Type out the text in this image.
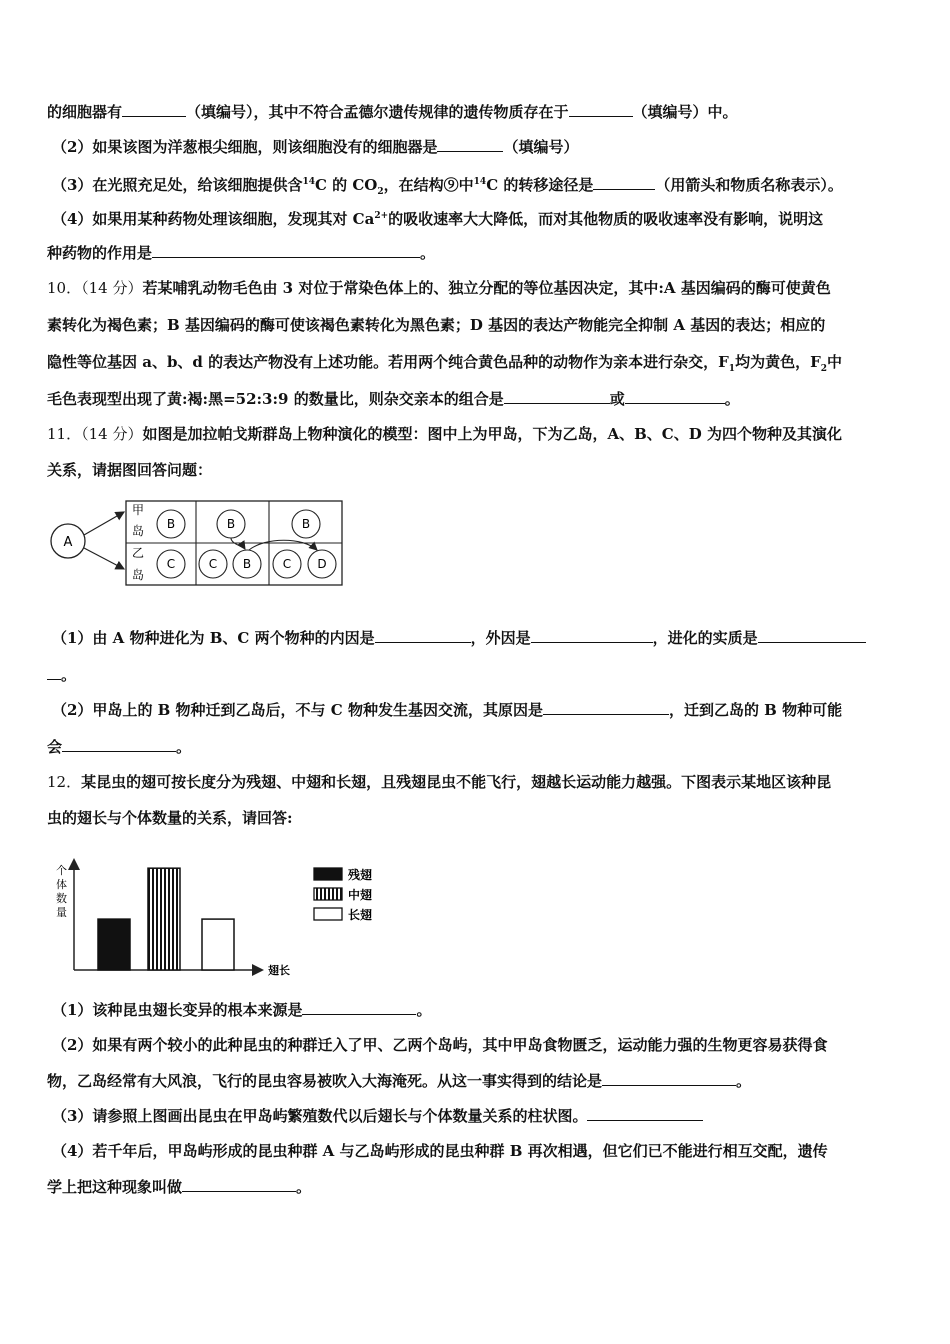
的细胞器有	（填编号），其中不符合孟德尔遗传规律的遗传物质存在于	（填编号）中。
（2）如果该图为洋葱根尖细胞，则该细胞没有的细胞器是	（填编号）
（3）在光照充足处，给该细胞提供含$^{14}$C 的 $CO_2$，在结构⑨中$^{14}$C 的转移途径是	（用箭头和物质名称表示）。
（4）如果用某种药物处理该细胞，发现其对 $Ca^{2+}$的吸收速率大大降低，而对其他物质的吸收速率没有影响，说明这
种药物的作用是	。
10．（14 分）若某哺乳动物毛色由 3 对位于常染色体上的、独立分配的等位基因决定，其中:A 基因编码的酶可使黄色
素转化为褐色素；B 基因编码的酶可使该褐色素转化为黑色素；D 基因的表达产物能完全抑制 A 基因的表达；相应的
隐性等位基因 a、b、d 的表达产物没有上述功能。若用两个纯合黄色品种的动物作为亲本进行杂交，$F_1$均为黄色，$F_2$中
毛色表现型出现了黄:褐:黑=52:3:9 的数量比，则杂交亲本的组合是	或	。
11．（14 分）如图是加拉帕戈斯群岛上物种演化的模型：图中上为甲岛，下为乙岛，A、B、C、D 为四个物种及其演化
关系，请据图回答问题：
A
甲
岛
乙
岛
B	B	B
C	C B	C D
（1）由 A 物种进化为 B、C 两个物种的内因是	，外因是	，进化的实质是
。
（2）甲岛上的 B 物种迁到乙岛后，不与 C 物种发生基因交流，其原因是	，迁到乙岛的 B 物种可能
会	。
12．某昆虫的翅可按长度分为残翅、中翅和长翅，且残翅昆虫不能飞行，翅越长运动能力越强。下图表示某地区该种昆
虫的翅长与个体数量的关系，请回答:
个
体
数
量
翅长
残翅
中翅
长翅
（1）该种昆虫翅长变异的根本来源是	。
（2）如果有两个较小的此种昆虫的种群迁入了甲、乙两个岛屿，其中甲岛食物匮乏，运动能力强的生物更容易获得食
物，乙岛经常有大风浪，飞行的昆虫容易被吹入大海淹死。从这一事实得到的结论是	。
（3）请参照上图画出昆虫在甲岛屿繁殖数代以后翅长与个体数量关系的柱状图。
（4）若千年后，甲岛屿形成的昆虫种群 A 与乙岛屿形成的昆虫种群 B 再次相遇，但它们已不能进行相互交配，遗传
学上把这种现象叫做	。
